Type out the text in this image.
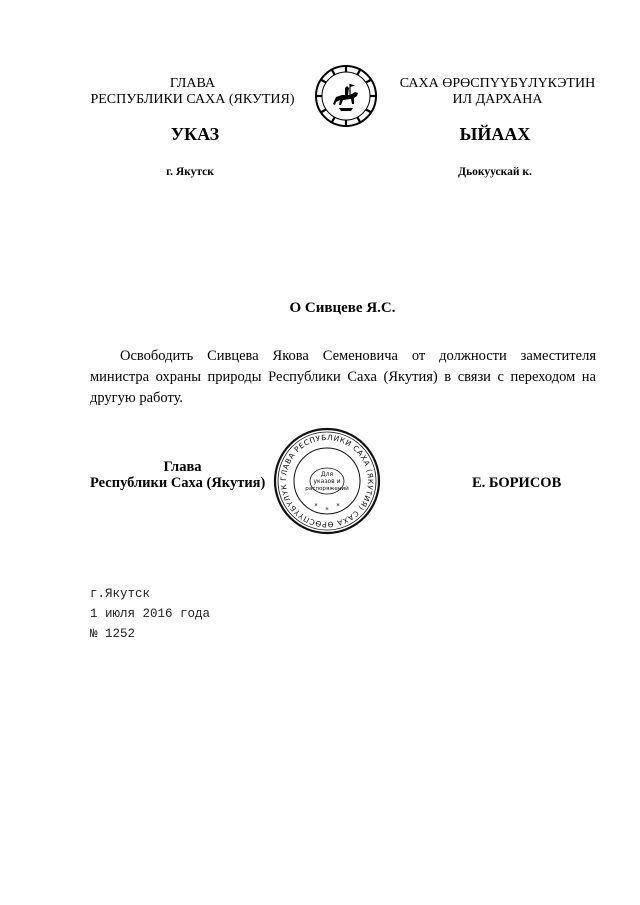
ГЛАВА
РЕСПУБЛИКИ САХА (ЯКУТИЯ)
САХА ӨРӨСПҮҮБҮЛҮКЭТИН
ИЛ ДАРХАНА
УКАЗ	ЫЙААХ
г. Якутск	Дьокуускай к.
О Сивцеве Я.С.
Освободить Сивцева Якова Семеновича от должности заместителя министра охраны природы Республики Саха (Якутия) в связи с переходом на другую работу.
ГЛАВА РЕСПУБЛИКИ САХА (ЯКУТИЯ) САХА ӨРӨСПҮҮБҮЛҮК
Для
указов и
распоряжений
* * *
Глава
Республики Саха (Якутия)	Е. БОРИСОВ
г.Якутск
1 июля 2016 года
№ 1252
